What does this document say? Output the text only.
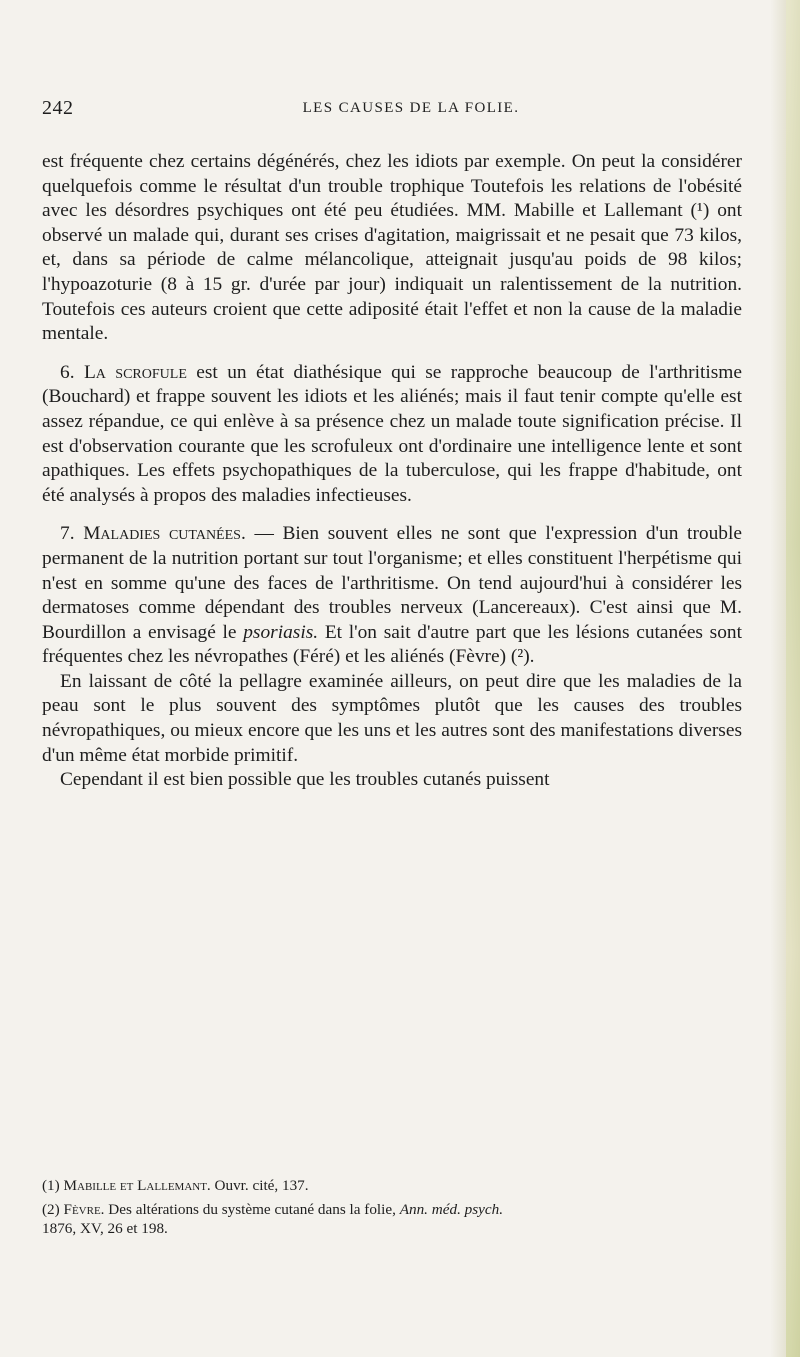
242	LES CAUSES DE LA FOLIE.

est fréquente chez certains dégénérés, chez les idiots par exemple. On peut la considérer quelquefois comme le résultat d'un trouble trophique Toutefois les relations de l'obésité avec les désordres psychiques ont été peu étudiées. MM. Mabille et Lallemant (¹) ont observé un malade qui, durant ses crises d'agitation, maigrissait et ne pesait que 73 kilos, et, dans sa période de calme mélancolique, atteignait jusqu'au poids de 98 kilos; l'hypoazoturie (8 à 15 gr. d'urée par jour) indiquait un ralentissement de la nutrition. Toutefois ces auteurs croient que cette adiposité était l'effet et non la cause de la maladie mentale.

6. La scrofule est un état diathésique qui se rapproche beaucoup de l'arthritisme (Bouchard) et frappe souvent les idiots et les aliénés; mais il faut tenir compte qu'elle est assez répandue, ce qui enlève à sa présence chez un malade toute signification précise. Il est d'observation courante que les scrofuleux ont d'ordinaire une intelligence lente et sont apathiques. Les effets psychopathiques de la tuberculose, qui les frappe d'habitude, ont été analysés à propos des maladies infectieuses.

7. Maladies cutanées. — Bien souvent elles ne sont que l'expression d'un trouble permanent de la nutrition portant sur tout l'organisme; et elles constituent l'herpétisme qui n'est en somme qu'une des faces de l'arthritisme. On tend aujourd'hui à considérer les dermatoses comme dépendant des troubles nerveux (Lancereaux). C'est ainsi que M. Bourdillon a envisagé le psoriasis. Et l'on sait d'autre part que les lésions cutanées sont fréquentes chez les névropathes (Féré) et les aliénés (Fèvre) (²).

En laissant de côté la pellagre examinée ailleurs, on peut dire que les maladies de la peau sont le plus souvent des symptômes plutôt que les causes des troubles névropathiques, ou mieux encore que les uns et les autres sont des manifestations diverses d'un même état morbide primitif.

Cependant il est bien possible que les troubles cutanés puissent

(1) Mabille et Lallemant. Ouvr. cité, 137.

(2) Fèvre. Des altérations du système cutané dans la folie, Ann. méd. psych.
1876, XV, 26 et 198.
